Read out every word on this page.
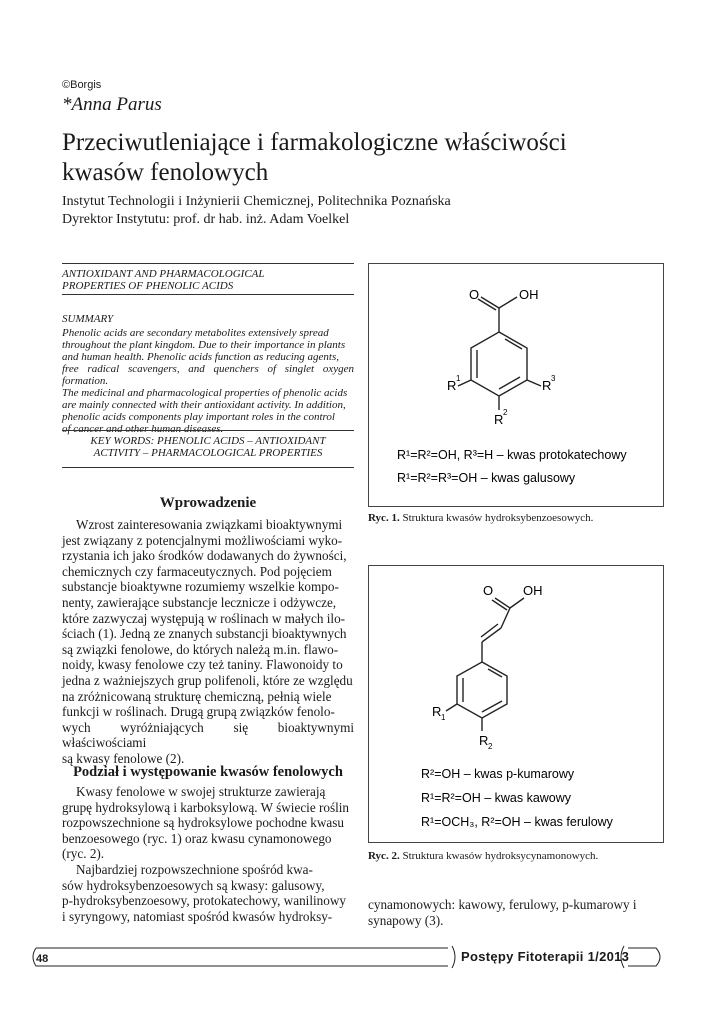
©Borgis
*Anna Parus
Przeciwutleniające i farmakologiczne właściwości
kwasów fenolowych
Instytut Technologii i Inżynierii Chemicznej, Politechnika Poznańska
Dyrektor Instytutu: prof. dr hab. inż. Adam Voelkel
ANTIOXIDANT AND PHARMACOLOGICAL
PROPERTIES OF PHENOLIC ACIDS
SUMMARY
Phenolic acids are secondary metabolites extensively spread
throughout the plant kingdom. Due to their importance in plants
and human health. Phenolic acids function as reducing agents,
free radical scavengers, and quenchers of singlet oxygen formation.
The medicinal and pharmacological properties of phenolic acids
are mainly connected with their antioxidant activity. In addition,
phenolic acids components play important roles in the control
of cancer and other human diseases.
KEY WORDS: PHENOLIC ACIDS – ANTIOXIDANT
ACTIVITY – PHARMACOLOGICAL PROPERTIES
Wprowadzenie
Wzrost zainteresowania związkami bioaktywnymi
jest związany z potencjalnymi możliwościami wyko-
rzystania ich jako środków dodawanych do żywności,
chemicznych czy farmaceutycznych. Pod pojęciem
substancje bioaktywne rozumiemy wszelkie kompo-
nenty, zawierające substancje lecznicze i odżywcze,
które zazwyczaj występują w roślinach w małych ilo-
ściach (1). Jedną ze znanych substancji bioaktywnych
są związki fenolowe, do których należą m.in. flawo-
noidy, kwasy fenolowe czy też taniny. Flawonoidy to
jedna z ważniejszych grup polifenoli, które ze względu
na zróżnicowaną strukturę chemiczną, pełnią wiele
funkcji w roślinach. Drugą grupą związków fenolo-
wych wyróżniających się bioaktywnymi właściwościami
są kwasy fenolowe (2).
Podział i występowanie kwasów fenolowych
Kwasy fenolowe w swojej strukturze zawierają
grupę hydroksylową i karboksylową. W świecie roślin
rozpowszechnione są hydroksylowe pochodne kwasu
benzoesowego (ryc. 1) oraz kwasu cynamonowego
(ryc. 2).
Najbardziej rozpowszechnione spośród kwa-
sów hydroksybenzoesowych są kwasy: galusowy,
p-hydroksybenzoesowy, protokatechowy, wanilinowy
i syryngowy, natomiast spośród kwasów hydroksy-
O	OH
R 1	R 3
R 2
R¹=R²=OH, R³=H – kwas protokatechowy
R¹=R²=R³=OH – kwas galusowy
Ryc. 1. Struktura kwasów hydroksybenzoesowych.
O OH
R 1
R 2
R²=OH – kwas p-kumarowy
R¹=R²=OH – kwas kawowy
R¹=OCH₃, R²=OH – kwas ferulowy
Ryc. 2. Struktura kwasów hydroksycynamonowych.
cynamonowych: kawowy, ferulowy, p-kumarowy i
synapowy (3).
48	Postępy Fitoterapii 1/2013
